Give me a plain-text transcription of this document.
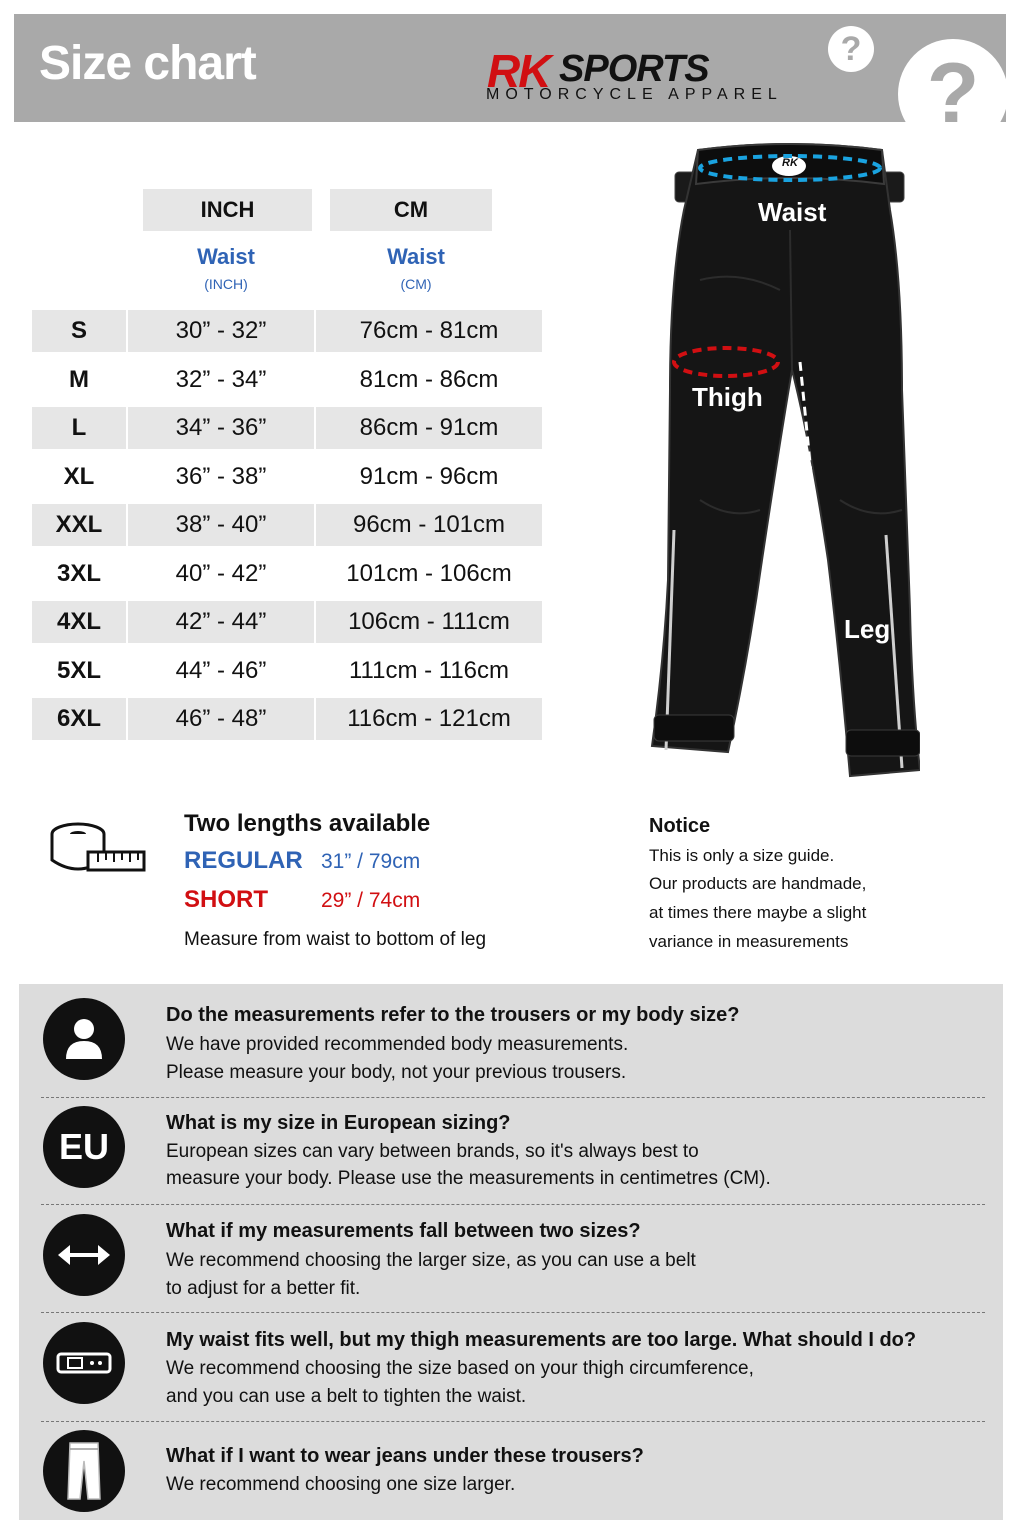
Size chart	RK SPORTS
MOTORCYCLE APPAREL	?
?
INCH	CM
Waist
(INCH)
Waist
(CM)
S	30” - 32”	76cm - 81cm
M	32” - 34”	81cm - 86cm
L	34” - 36”	86cm - 91cm
XL	36” - 38”	91cm - 96cm
XXL	38” - 40”	96cm - 101cm
3XL	40” - 42”	101cm - 106cm
4XL	42” - 44”	106cm - 111cm
5XL	44” - 46”	111cm - 116cm
6XL	46” - 48”	116cm - 121cm
RK
Waist
Thigh
Leg
Two lengths available
REGULAR 31” / 79cm
SHORT	29” / 74cm
Measure from waist to bottom of leg
Notice
This is only a size guide.
Our products are handmade,
at times there maybe a slight
variance in measurements
Do the measurements refer to the trousers or my body size?
We have provided recommended body measurements.
Please measure your body, not your previous trousers.
EU
What is my size in European sizing?
European sizes can vary between brands, so it's always best to
measure your body. Please use the measurements in centimetres (CM).
What if my measurements fall between two sizes?
We recommend choosing the larger size, as you can use a belt
to adjust for a better fit.
My waist fits well, but my thigh measurements are too large. What should I do?
We recommend choosing the size based on your thigh circumference,
and you can use a belt to tighten the waist.
What if I want to wear jeans under these trousers?
We recommend choosing one size larger.
